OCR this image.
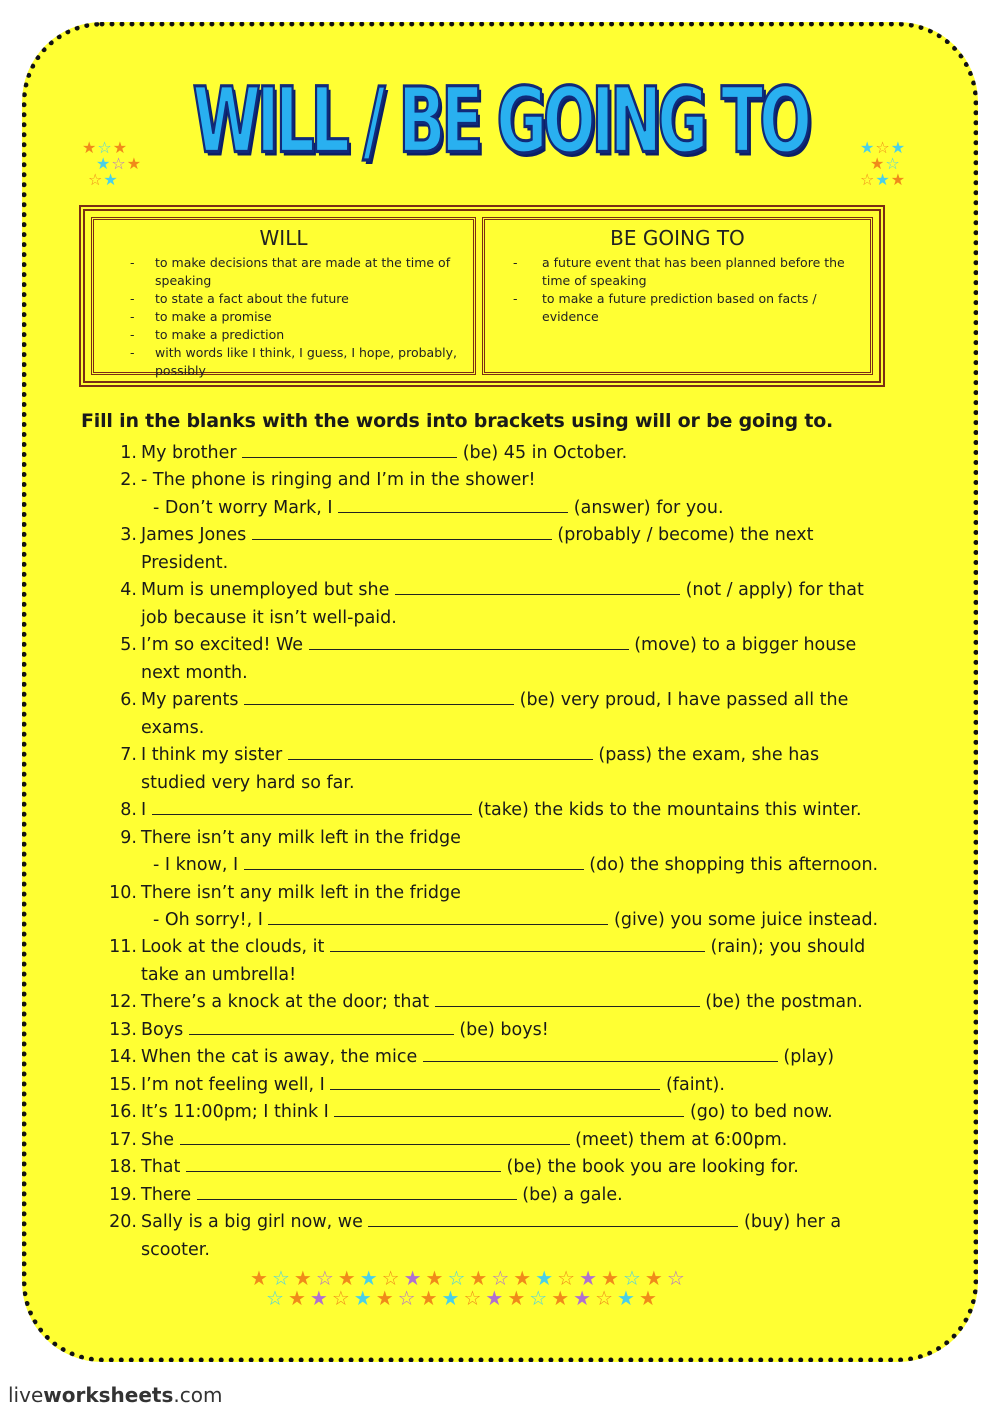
★☆★
★☆★
☆★
★☆★
★☆
☆★★
WILL / BE GOING TO
WILL
- to make decisions that are made at the time of speaking
- to state a fact about the future
- to make a promise
- to make a prediction
- with words like I think, I guess, I hope, probably, possibly
BE GOING TO
- a future event that has been planned before the time of speaking
- to make a future prediction based on facts / evidence
Fill in the blanks with the words into brackets using will or be going to.
1. My brother	(be) 45 in October.
2. - The phone is ringing and I’m in the shower!
- Don’t worry Mark, I	(answer) for you.
3. James Jones	(probably / become) the next
President.
4. Mum is unemployed but she	(not / apply) for that
job because it isn’t well-paid.
5. I’m so excited! We	(move) to a bigger house
next month.
6. My parents	(be) very proud, I have passed all the
exams.
7. I think my sister	(pass) the exam, she has
studied very hard so far.
8. I	(take) the kids to the mountains this winter.
9. There isn’t any milk left in the fridge
- I know, I	(do) the shopping this afternoon.
10. There isn’t any milk left in the fridge
- Oh sorry!, I	(give) you some juice instead.
11. Look at the clouds, it	(rain); you should
take an umbrella!
12. There’s a knock at the door; that	(be) the postman.
13. Boys	(be) boys!
14. When the cat is away, the mice	(play)
15. I’m not feeling well, I	(faint).
16. It’s 11:00pm; I think I	(go) to bed now.
17. She	(meet) them at 6:00pm.
18. That	(be) the book you are looking for.
19. There	(be) a gale.
20. Sally is a big girl now, we	(buy) her a
scooter.
★☆★☆★★☆★★☆★☆★★☆★★☆★☆
☆★★☆★★☆★★☆★★☆★★☆★★
liveworksheets.com
